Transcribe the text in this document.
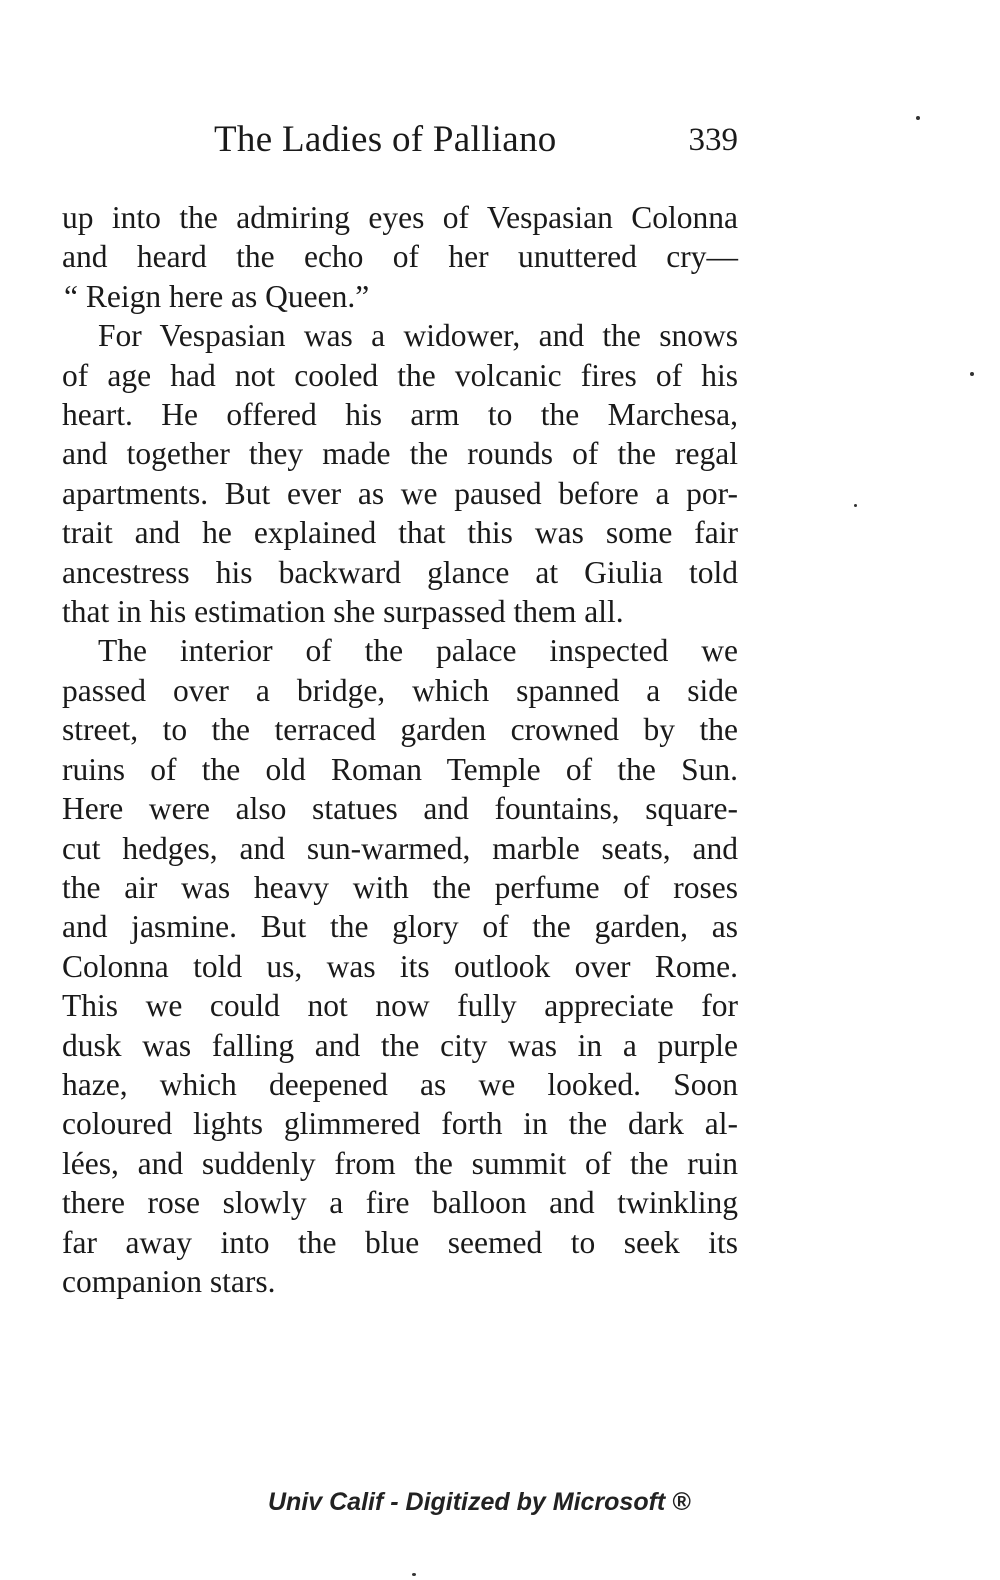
The Ladies of Palliano	339
up into the admiring eyes of Vespasian Colonna
and heard the echo of her unuttered cry—
“ Reign here as Queen.”
For Vespasian was a widower, and the snows
of age had not cooled the volcanic fires of his
heart. He offered his arm to the Marchesa,
and together they made the rounds of the regal
apartments. But ever as we paused before a por-
trait and he explained that this was some fair
ancestress his backward glance at Giulia told
that in his estimation she surpassed them all.
The interior of the palace inspected we
passed over a bridge, which spanned a side
street, to the terraced garden crowned by the
ruins of the old Roman Temple of the Sun.
Here were also statues and fountains, square-
cut hedges, and sun-warmed, marble seats, and
the air was heavy with the perfume of roses
and jasmine. But the glory of the garden, as
Colonna told us, was its outlook over Rome.
This we could not now fully appreciate for
dusk was falling and the city was in a purple
haze, which deepened as we looked. Soon
coloured lights glimmered forth in the dark al-
lées, and suddenly from the summit of the ruin
there rose slowly a fire balloon and twinkling
far away into the blue seemed to seek its
companion stars.
Univ Calif - Digitized by Microsoft ®
